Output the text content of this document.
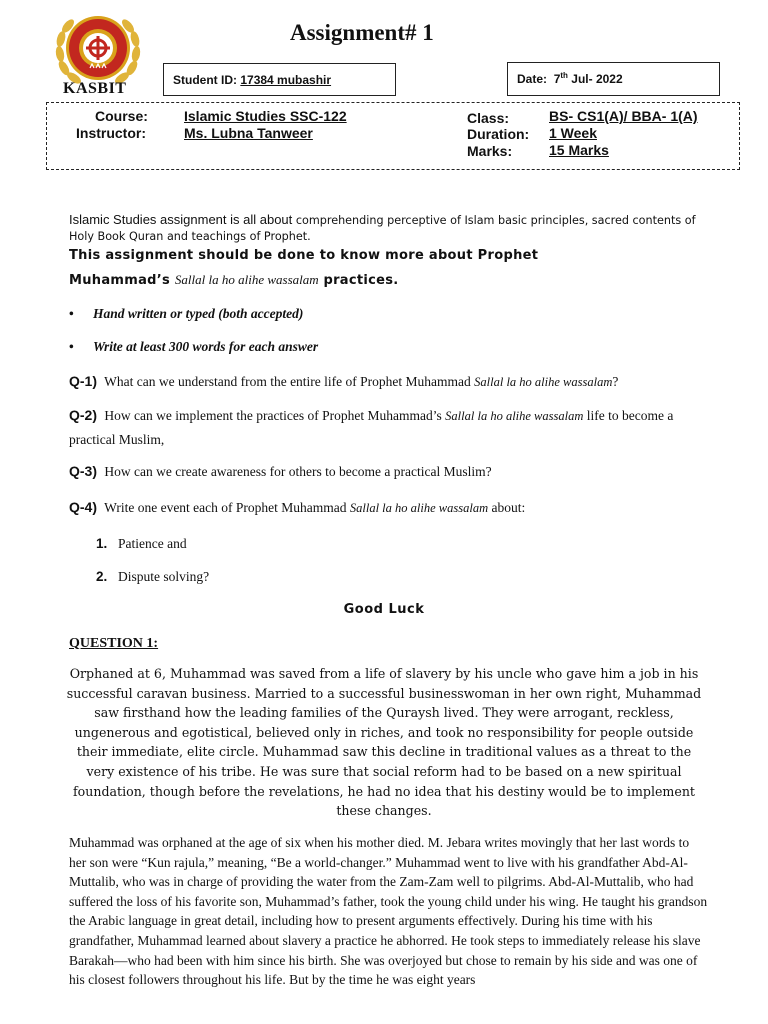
KASBIT
Assignment# 1
Student ID: 17384 mubashir	Date: 7th Jul- 2022
Course:	Islamic Studies SSC-122
Instructor:	Ms. Lubna Tanweer
Class:	BS- CS1(A)/ BBA- 1(A)
Duration: 1 Week
Marks:	15 Marks
Islamic Studies assignment is all about comprehending perceptive of Islam basic principles, sacred contents of Holy Book Quran and teachings of Prophet.
This assignment should be done to know more about Prophet
Muhammad’s Sallal la ho alihe wassalam practices.
• Hand written or typed (both accepted)
• Write at least 300 words for each answer
Q-1) What can we understand from the entire life of Prophet Muhammad Sallal la ho alihe wassalam?
Q-2) How can we implement the practices of Prophet Muhammad’s Sallal la ho alihe wassalam life to become a practical Muslim,
Q-3) How can we create awareness for others to become a practical Muslim?
Q-4) Write one event each of Prophet Muhammad Sallal la ho alihe wassalam about:
1. Patience and
2. Dispute solving?
Good Luck
QUESTION 1:
Orphaned at 6, Muhammad was saved from a life of slavery by his uncle who gave him a job in his successful caravan business. Married to a successful businesswoman in her own right, Muhammad saw firsthand how the leading families of the Quraysh lived. They were arrogant, reckless, ungenerous and egotistical, believed only in riches, and took no responsibility for people outside their immediate, elite circle. Muhammad saw this decline in traditional values as a threat to the very existence of his tribe. He was sure that social reform had to be based on a new spiritual foundation, though before the revelations, he had no idea that his destiny would be to implement these changes.
Muhammad was orphaned at the age of six when his mother died. M. Jebara writes movingly that her last words to her son were “Kun rajula,” meaning, “Be a world-changer.” Muhammad went to live with his grandfather Abd-Al-Muttalib, who was in charge of providing the water from the Zam-Zam well to pilgrims. Abd-Al-Muttalib, who had suffered the loss of his favorite son, Muhammad’s father, took the young child under his wing. He taught his grandson the Arabic language in great detail, including how to present arguments effectively. During his time with his grandfather, Muhammad learned about slavery a practice he abhorred. He took steps to immediately release his slave Barakah—who had been with him since his birth. She was overjoyed but chose to remain by his side and was one of his closest followers throughout his life. But by the time he was eight years
